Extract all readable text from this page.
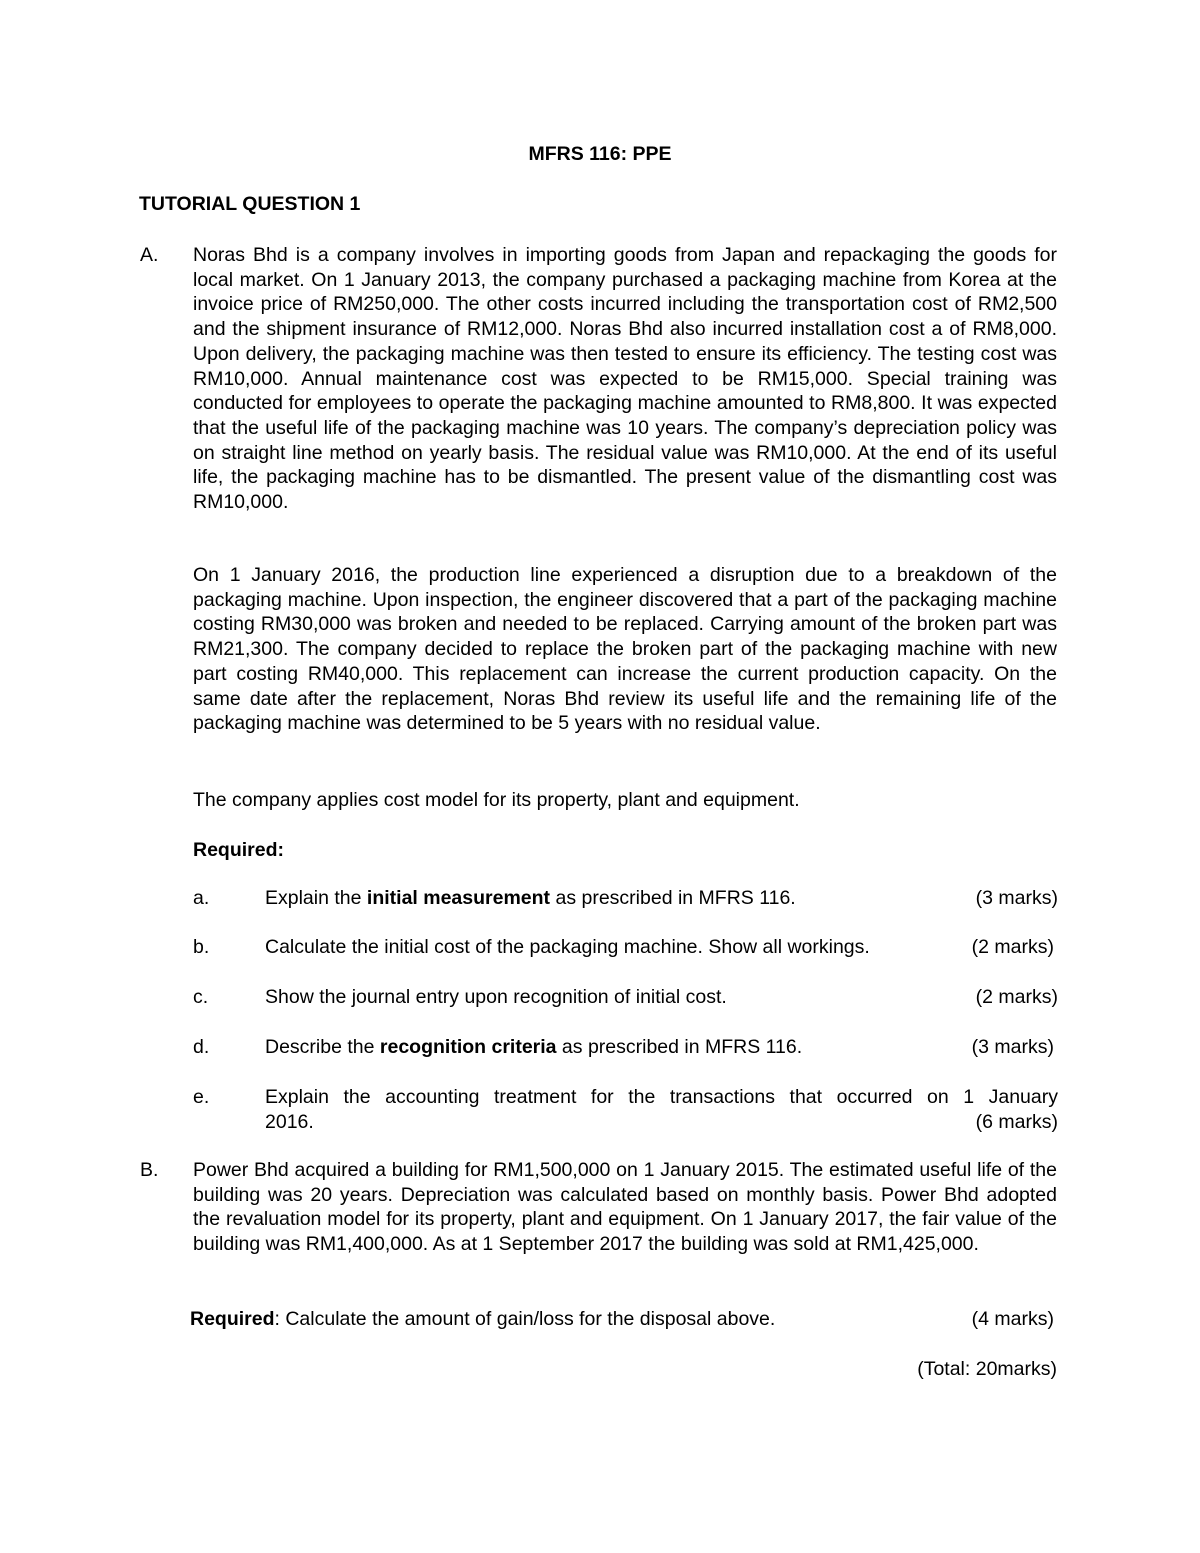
MFRS 116: PPE
TUTORIAL QUESTION 1
A. Noras Bhd is a company involves in importing goods from Japan and repackaging the goods for local market. On 1 January 2013, the company purchased a packaging machine from Korea at the invoice price of RM250,000. The other costs incurred including the transportation cost of RM2,500 and the shipment insurance of RM12,000. Noras Bhd also incurred installation cost a of RM8,000. Upon delivery, the packaging machine was then tested to ensure its efficiency. The testing cost was RM10,000. Annual maintenance cost was expected to be RM15,000. Special training was conducted for employees to operate the packaging machine amounted to RM8,800. It was expected that the useful life of the packaging machine was 10 years. The company’s depreciation policy was on straight line method on yearly basis. The residual value was RM10,000. At the end of its useful life, the packaging machine has to be dismantled. The present value of the dismantling cost was RM10,000.

On 1 January 2016, the production line experienced a disruption due to a breakdown of the packaging machine. Upon inspection, the engineer discovered that a part of the packaging machine costing RM30,000 was broken and needed to be replaced. Carrying amount of the broken part was RM21,300. The company decided to replace the broken part of the packaging machine with new part costing RM40,000. This replacement can increase the current production capacity. On the same date after the replacement, Noras Bhd review its useful life and the remaining life of the packaging machine was determined to be 5 years with no residual value.

The company applies cost model for its property, plant and equipment.

Required:
a.	Explain the initial measurement as prescribed in MFRS 116.	(3 marks)
b.	Calculate the initial cost of the packaging machine. Show all workings.	(2 marks)
c.	Show the journal entry upon recognition of initial cost.	(2 marks)
d.	Describe the recognition criteria as prescribed in MFRS 116.	(3 marks)
e.	Explain the accounting treatment for the transactions that occurred on 1 January
2016.	(6 marks)
B. Power Bhd acquired a building for RM1,500,000 on 1 January 2015. The estimated useful life of the building was 20 years. Depreciation was calculated based on monthly basis. Power Bhd adopted the revaluation model for its property, plant and equipment. On 1 January 2017, the fair value of the building was RM1,400,000. As at 1 September 2017 the building was sold at RM1,425,000.

Required: Calculate the amount of gain/loss for the disposal above.	(4 marks)
(Total: 20marks)
